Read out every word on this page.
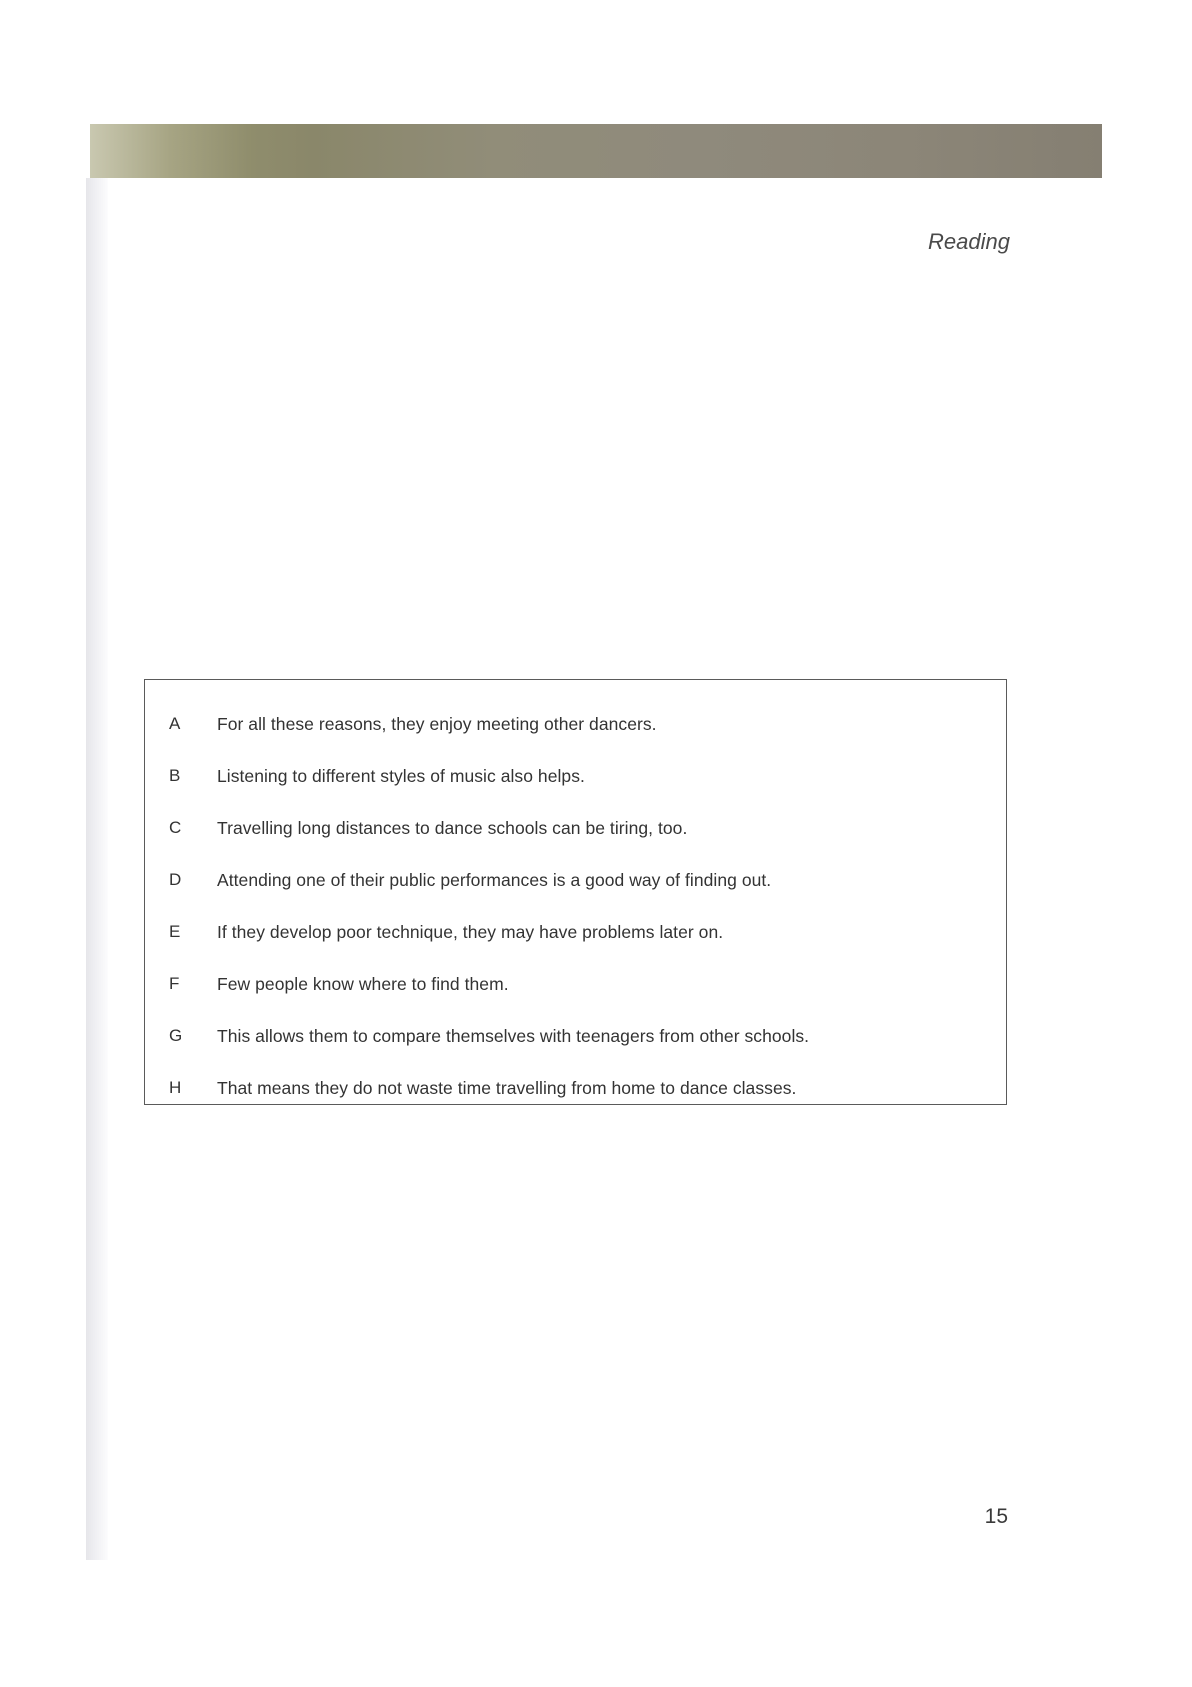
Reading
A	For all these reasons, they enjoy meeting other dancers.
B	Listening to different styles of music also helps.
C	Travelling long distances to dance schools can be tiring, too.
D	Attending one of their public performances is a good way of finding out.
E	If they develop poor technique, they may have problems later on.
F	Few people know where to find them.
G	This allows them to compare themselves with teenagers from other schools.
H	That means they do not waste time travelling from home to dance classes.
15
